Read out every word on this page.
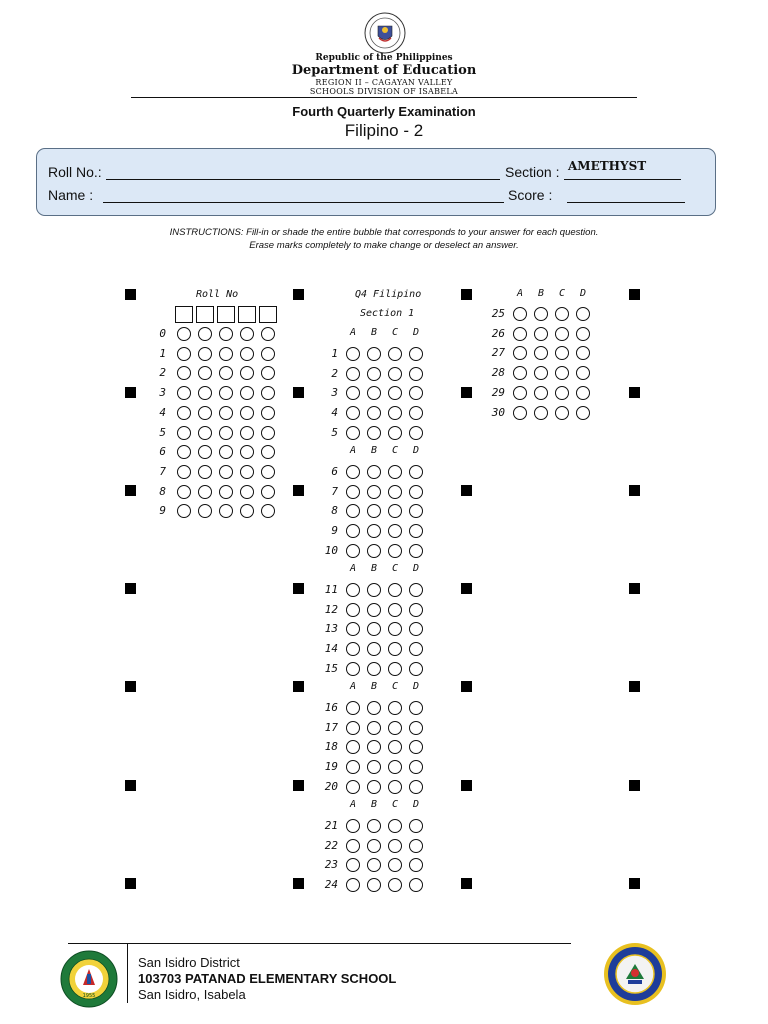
Republic of the Philippines
Department of Education
REGION II – CAGAYAN VALLEY
SCHOOLS DIVISION OF ISABELA
Fourth Quarterly Examination
Filipino - 2
Roll No.:	Section : AMETHYST
Name :	Score :
INSTRUCTIONS: Fill-in or shade the entire bubble that corresponds to your answer for each question.
Erase marks completely to make change or deselect an answer.
Roll No	Q4 Filipino
Section 1
0
1
2
3
4
5
6
7
8
9
A	B	C	D
1
2
3
4
5
A	B	C	D
6
7
8
9
10
A	B	C	D
11
12
13
14
15
A	B	C	D
16
17
18
19
20
A	B	C	D
21
22
23
24
A	B	C	D
25
26
27
28
29
30
1955
San Isidro District
103703 PATANAD ELEMENTARY SCHOOL
San Isidro, Isabela
